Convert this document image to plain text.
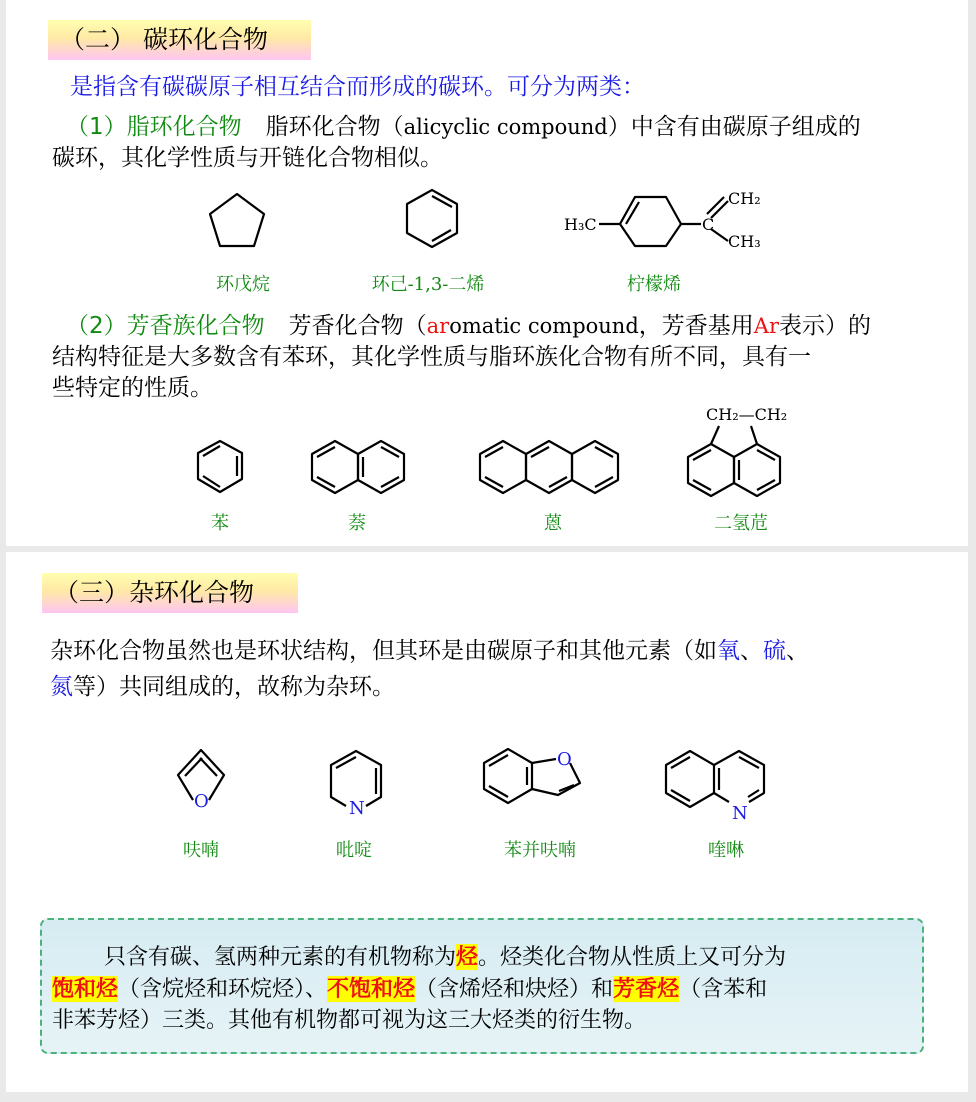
（二） 碳环化合物
是指含有碳碳原子相互结合而形成的碳环。可分为两类：
（1）脂环化合物 脂环化合物（alicyclic compound）中含有由碳原子组成的
碳环，其化学性质与开链化合物相似。
H₃C	C
CH₂
CH₃
环戊烷	环己-1,3-二烯	柠檬烯
（2）芳香族化合物 芳香化合物（aromatic compound，芳香基用Ar表示）的
结构特征是大多数含有苯环，其化学性质与脂环族化合物有所不同，具有一
些特定的性质。
CH₂—CH₂
苯	萘	蒽	二氢苊
（三）杂环化合物
杂环化合物虽然也是环状结构，但其环是由碳原子和其他元素（如氧、硫、
氮等）共同组成的，故称为杂环。
O	N
O
N
呋喃	吡啶	苯并呋喃	喹啉
只含有碳、氢两种元素的有机物称为烃。烃类化合物从性质上又可分为
饱和烃（含烷烃和环烷烃）、不饱和烃（含烯烃和炔烃）和芳香烃（含苯和
非苯芳烃）三类。其他有机物都可视为这三大烃类的衍生物。
